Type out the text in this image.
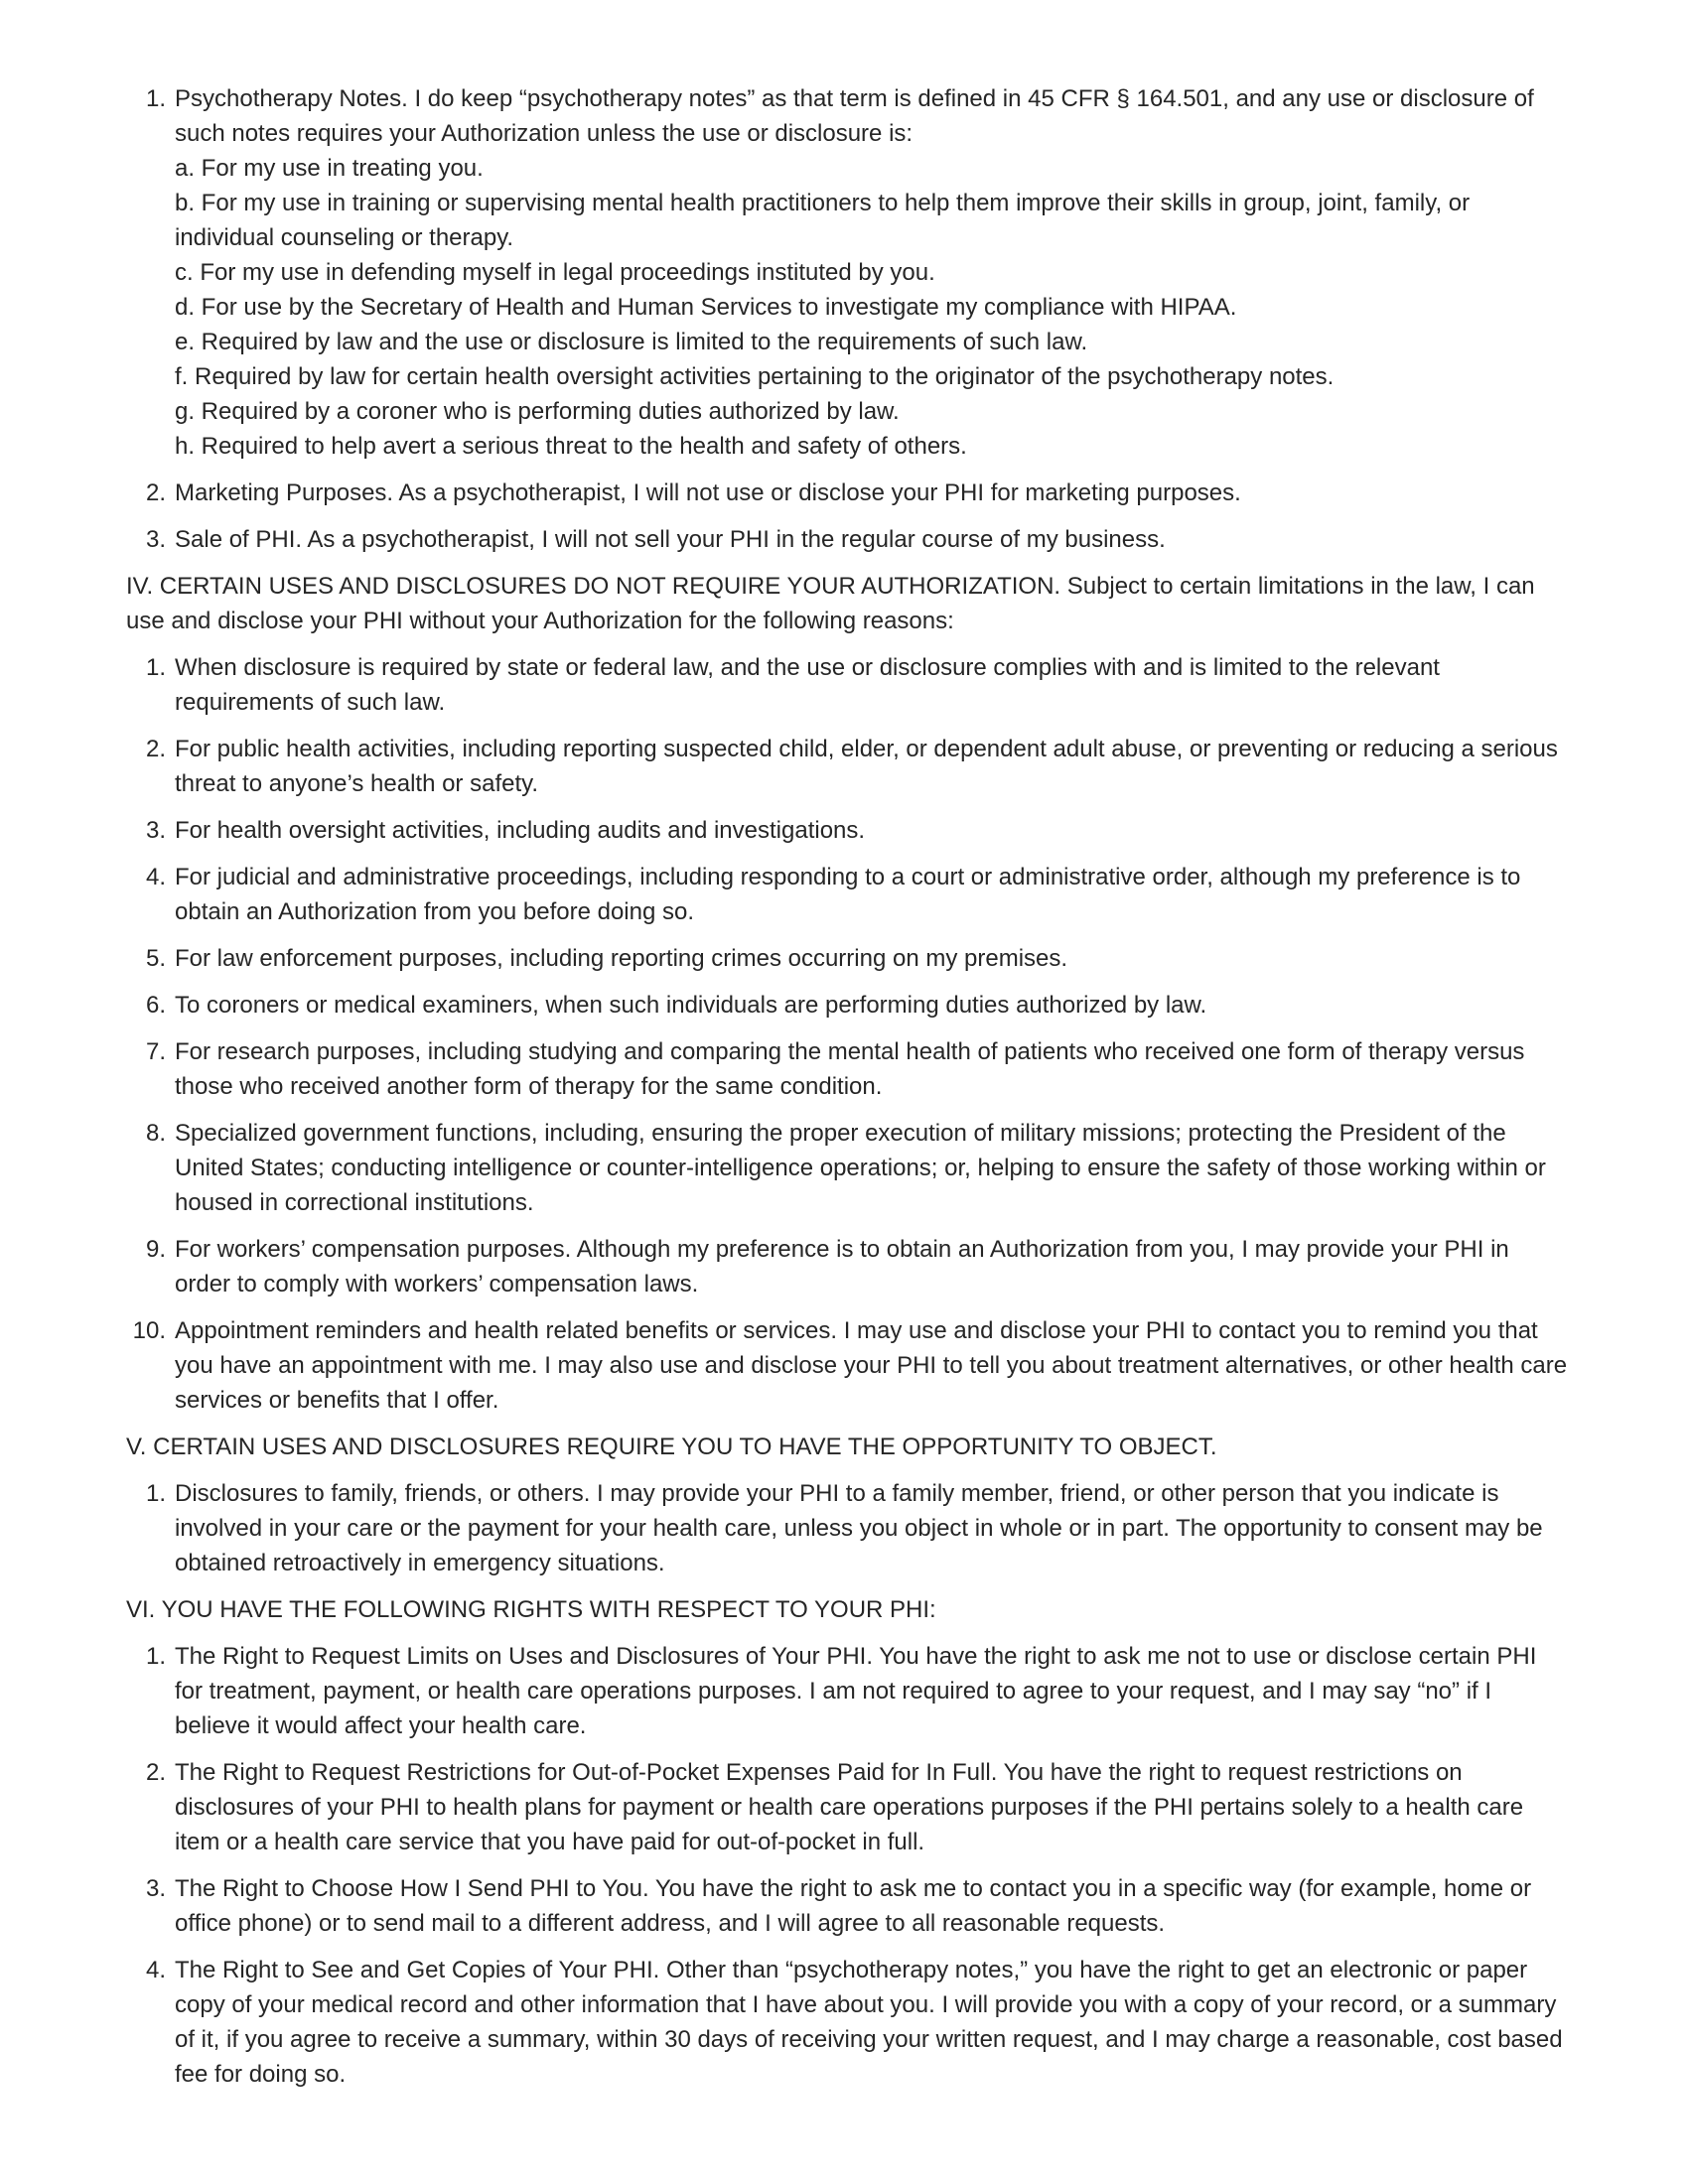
1. Psychotherapy Notes. I do keep “psychotherapy notes” as that term is defined in 45 CFR § 164.501, and any use or disclosure of such notes requires your Authorization unless the use or disclosure is:
a. For my use in treating you.
b. For my use in training or supervising mental health practitioners to help them improve their skills in group, joint, family, or individual counseling or therapy.
c. For my use in defending myself in legal proceedings instituted by you.
d. For use by the Secretary of Health and Human Services to investigate my compliance with HIPAA.
e. Required by law and the use or disclosure is limited to the requirements of such law.
f. Required by law for certain health oversight activities pertaining to the originator of the psychotherapy notes.
g. Required by a coroner who is performing duties authorized by law.
h. Required to help avert a serious threat to the health and safety of others.
2. Marketing Purposes. As a psychotherapist, I will not use or disclose your PHI for marketing purposes.
3. Sale of PHI. As a psychotherapist, I will not sell your PHI in the regular course of my business.
IV. CERTAIN USES AND DISCLOSURES DO NOT REQUIRE YOUR AUTHORIZATION. Subject to certain limitations in the law, I can use and disclose your PHI without your Authorization for the following reasons:
1. When disclosure is required by state or federal law, and the use or disclosure complies with and is limited to the relevant requirements of such law.
2. For public health activities, including reporting suspected child, elder, or dependent adult abuse, or preventing or reducing a serious threat to anyone’s health or safety.
3. For health oversight activities, including audits and investigations.
4. For judicial and administrative proceedings, including responding to a court or administrative order, although my preference is to obtain an Authorization from you before doing so.
5. For law enforcement purposes, including reporting crimes occurring on my premises.
6. To coroners or medical examiners, when such individuals are performing duties authorized by law.
7. For research purposes, including studying and comparing the mental health of patients who received one form of therapy versus those who received another form of therapy for the same condition.
8. Specialized government functions, including, ensuring the proper execution of military missions; protecting the President of the United States; conducting intelligence or counter-intelligence operations; or, helping to ensure the safety of those working within or housed in correctional institutions.
9. For workers’ compensation purposes. Although my preference is to obtain an Authorization from you, I may provide your PHI in order to comply with workers’ compensation laws.
10. Appointment reminders and health related benefits or services. I may use and disclose your PHI to contact you to remind you that you have an appointment with me. I may also use and disclose your PHI to tell you about treatment alternatives, or other health care services or benefits that I offer.
V. CERTAIN USES AND DISCLOSURES REQUIRE YOU TO HAVE THE OPPORTUNITY TO OBJECT.
1. Disclosures to family, friends, or others. I may provide your PHI to a family member, friend, or other person that you indicate is involved in your care or the payment for your health care, unless you object in whole or in part. The opportunity to consent may be obtained retroactively in emergency situations.
VI. YOU HAVE THE FOLLOWING RIGHTS WITH RESPECT TO YOUR PHI:
1. The Right to Request Limits on Uses and Disclosures of Your PHI. You have the right to ask me not to use or disclose certain PHI for treatment, payment, or health care operations purposes. I am not required to agree to your request, and I may say “no” if I believe it would affect your health care.
2. The Right to Request Restrictions for Out-of-Pocket Expenses Paid for In Full. You have the right to request restrictions on disclosures of your PHI to health plans for payment or health care operations purposes if the PHI pertains solely to a health care item or a health care service that you have paid for out-of-pocket in full.
3. The Right to Choose How I Send PHI to You. You have the right to ask me to contact you in a specific way (for example, home or office phone) or to send mail to a different address, and I will agree to all reasonable requests.
4. The Right to See and Get Copies of Your PHI. Other than “psychotherapy notes,” you have the right to get an electronic or paper copy of your medical record and other information that I have about you. I will provide you with a copy of your record, or a summary of it, if you agree to receive a summary, within 30 days of receiving your written request, and I may charge a reasonable, cost based fee for doing so.
